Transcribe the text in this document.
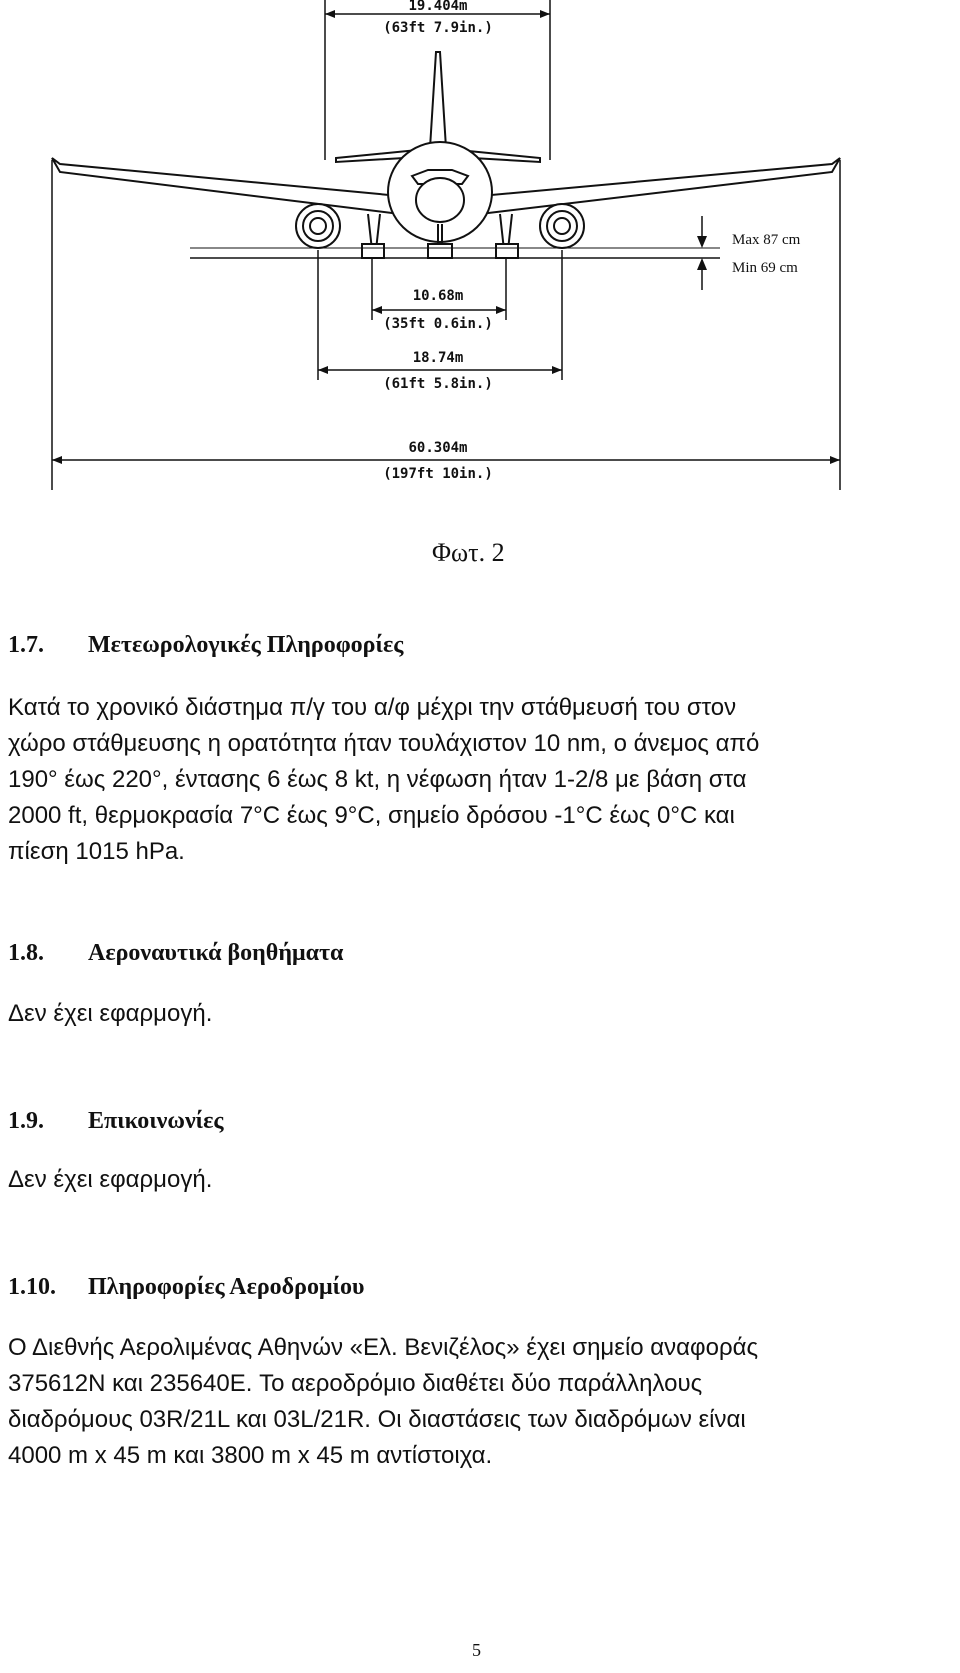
19.404m
(63ft 7.9in.)
10.68m
(35ft 0.6in.)
18.74m
(61ft 5.8in.)
60.304m
(197ft 10in.)
Max 87 cm
Min 69 cm
Φωτ. 2
1.7. Μετεωρολογικές Πληροφορίες
Κατά το χρονικό διάστημα π/γ του α/φ μέχρι την στάθμευσή του στον
χώρο στάθμευσης η ορατότητα ήταν τουλάχιστον 10 nm, ο άνεμος από
190° έως 220°, έντασης 6 έως 8 kt, η νέφωση ήταν 1-2/8 με βάση στα
2000 ft, θερμοκρασία 7°C έως 9°C, σημείο δρόσου -1°C έως 0°C και
πίεση 1015 hPa.
1.8. Αεροναυτικά βοηθήματα
Δεν έχει εφαρμογή.
1.9. Επικοινωνίες
Δεν έχει εφαρμογή.
1.10. Πληροφορίες Αεροδρομίου
Ο Διεθνής Αερολιμένας Αθηνών «Ελ. Βενιζέλος» έχει σημείο αναφοράς
375612N και 235640E. Το αεροδρόμιο διαθέτει δύο παράλληλους
διαδρόμους 03R/21L και 03L/21R. Οι διαστάσεις των διαδρόμων είναι
4000 m x 45 m και 3800 m x 45 m αντίστοιχα.
5
